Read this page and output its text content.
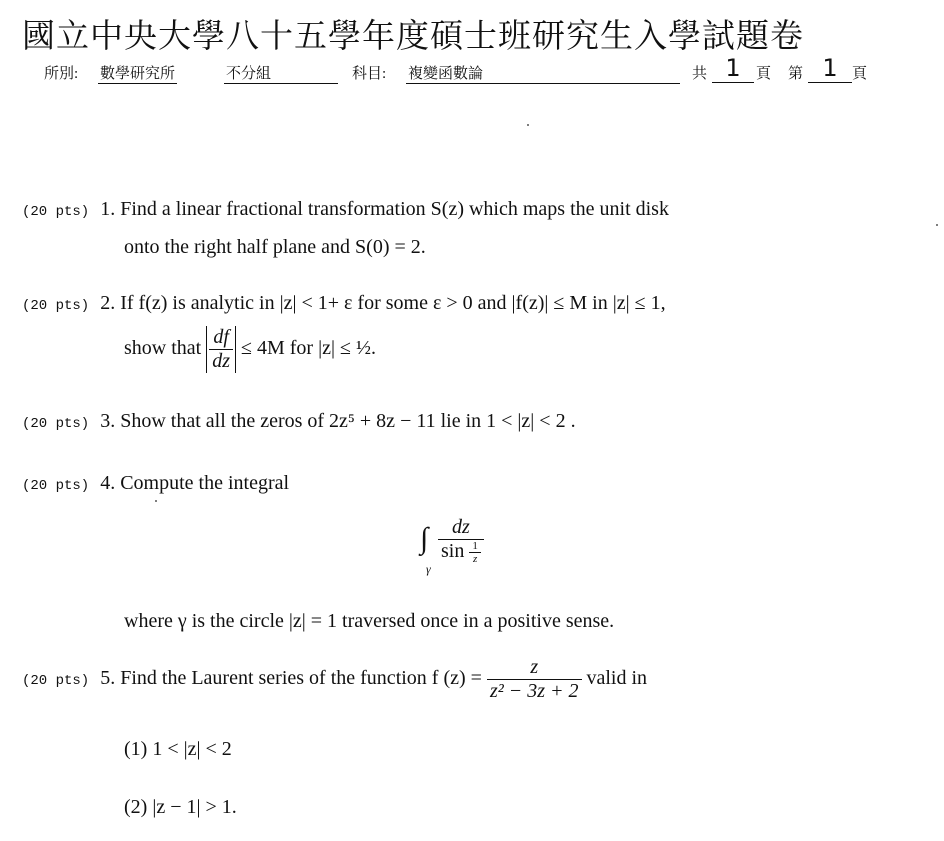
國立中央大學八十五學年度碩士班研究生入學試題卷
所別: 數學研究所	不分組	科目: 複變函數論	共 1	頁 第 1 頁
(20 pts) 1. Find a linear fractional transformation S(z) which maps the unit disk
onto the right half plane and S(0) = 2.
(20 pts) 2. If f(z) is analytic in |z| < 1+ ε for some ε > 0 and |f(z)| ≤ M in |z| ≤ 1,
show that $\frac{df}{dz} \le 4M$ for |z| ≤ ½.
(20 pts) 3. Show that all the zeros of 2z⁵ + 8z − 11 lie in 1 < |z| < 2 .
(20 pts) 4. Compute the integral
∫
γ
$\frac{dz}{\sin \frac{1}{z}}$
where γ is the circle |z| = 1 traversed once in a positive sense.
(20 pts) 5. Find the Laurent series of the function f $(z) = \frac{z}{\text{z² − 3z + 2}}$ valid in
(1) 1 < |z| < 2
(2) |z − 1| > 1.
